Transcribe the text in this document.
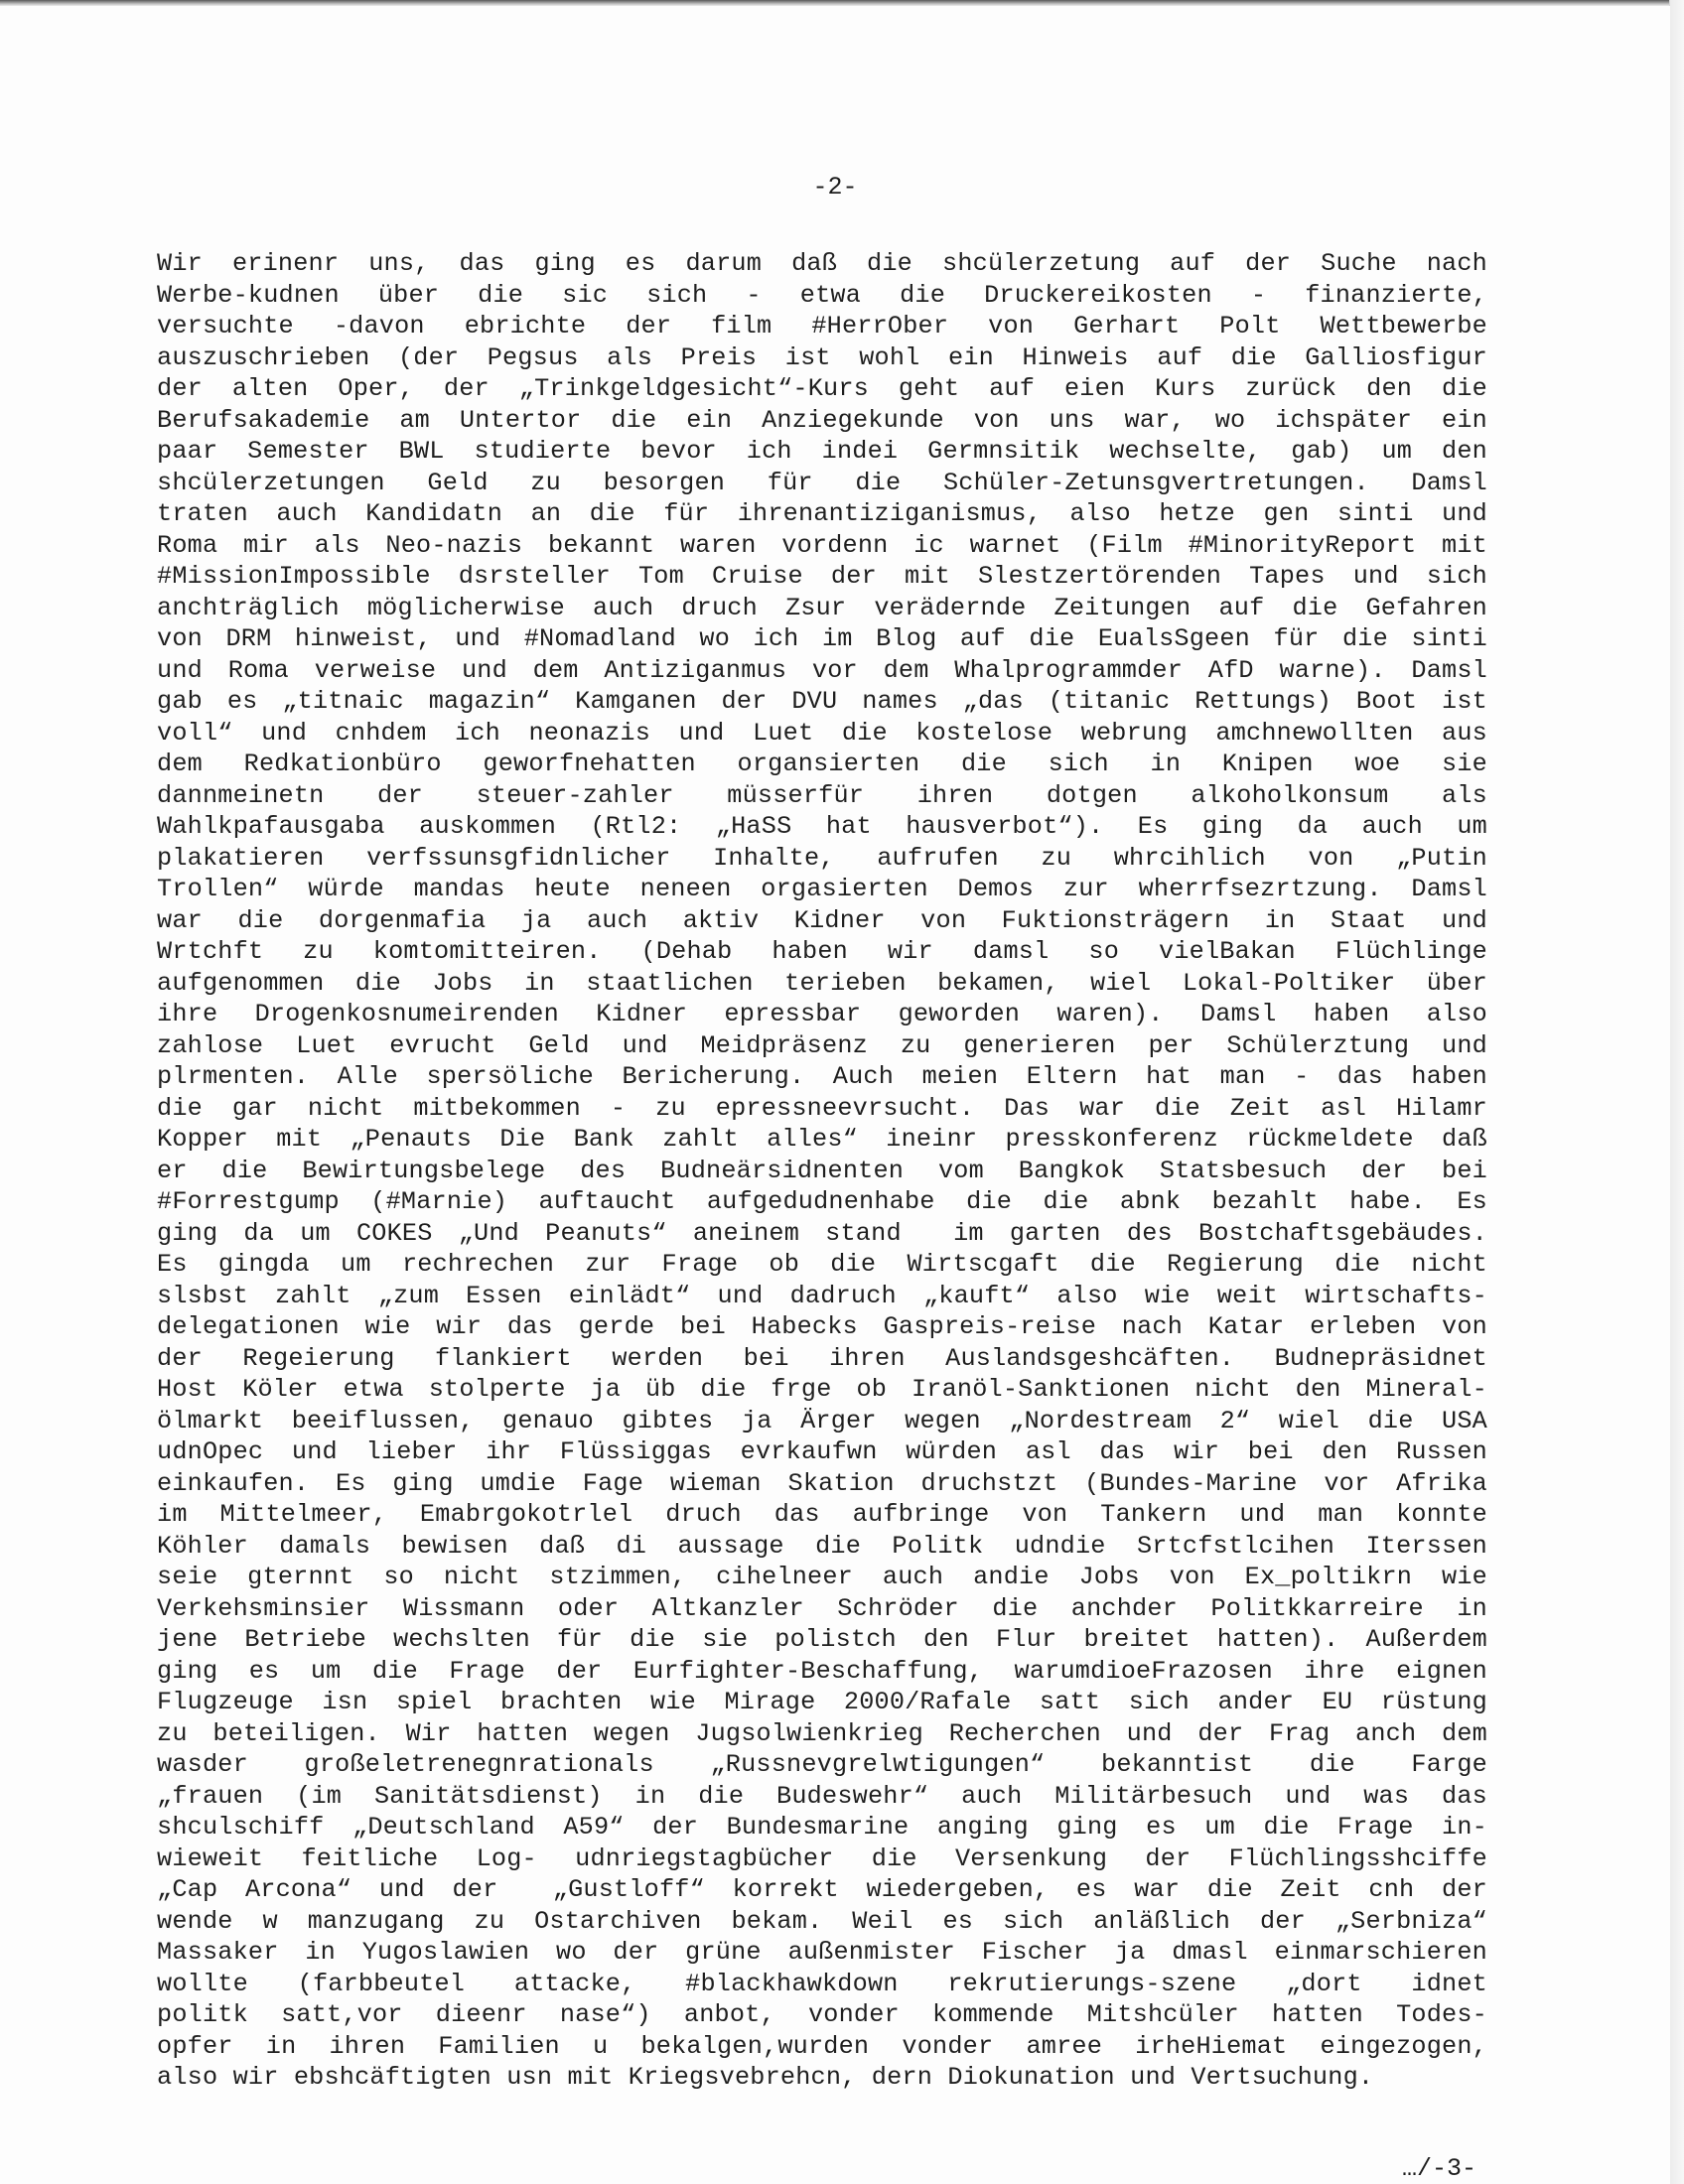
-2-

Wir erinenr uns, das ging es darum daß die shcülerzetung auf der Suche nach
Werbe-kudnen über die sic sich - etwa die Druckereikosten - finanzierte,
versuchte -davon ebrichte der film #HerrOber von Gerhart Polt Wettbewerbe
auszuschrieben (der Pegsus als Preis ist wohl ein Hinweis auf die Galliosfigur
der alten Oper, der „Trinkgeldgesicht“-Kurs geht auf eien Kurs zurück den die
Berufsakademie am Untertor die ein Anziegekunde von uns war, wo ichspäter ein
paar Semester BWL studierte bevor ich indei Germnsitik wechselte, gab) um den
shcülerzetungen Geld zu besorgen für die Schüler-Zetunsgvertretungen. Damsl
traten auch Kandidatn an die für ihrenantiziganismus, also hetze gen sinti und
Roma mir als Neo-nazis bekannt waren vordenn ic warnet (Film #MinorityReport mit
#MissionImpossible dsrsteller Tom Cruise der mit Slestzertörenden Tapes und sich
anchträglich möglicherwise auch druch Zsur verädernde Zeitungen auf die Gefahren
von DRM hinweist, und #Nomadland wo ich im Blog auf die EualsSgeen für die sinti
und Roma verweise und dem Antiziganmus vor dem Whalprogrammder AfD warne). Damsl
gab es „titnaic magazin“ Kamganen der DVU names „das (titanic Rettungs) Boot ist
voll“ und cnhdem ich neonazis und Luet die kostelose webrung amchnewollten aus
dem Redkationbüro geworfnehatten organsierten die sich in Knipen woe sie
dannmeinetn der steuer-zahler müsserfür ihren dotgen alkoholkonsum als
Wahlkpafausgaba auskommen (Rtl2: „HaSS hat hausverbot“). Es ging da auch um
plakatieren verfssunsgfidnlicher Inhalte, aufrufen zu whrcihlich von „Putin
Trollen“ würde mandas heute neneen orgasierten Demos zur wherrfsezrtzung. Damsl
war die dorgenmafia ja auch aktiv Kidner von Fuktionsträgern in Staat und
Wrtchft zu komtomitteiren. (Dehab haben wir damsl so vielBakan Flüchlinge
aufgenommen die Jobs in staatlichen terieben bekamen, wiel Lokal-Poltiker über
ihre Drogenkosnumeirenden Kidner epressbar geworden waren). Damsl haben also
zahlose Luet evrucht Geld und Meidpräsenz zu generieren per Schülerztung und
plrmenten. Alle spersöliche Bericherung. Auch meien Eltern hat man - das haben
die gar nicht mitbekommen - zu epressneevrsucht. Das war die Zeit asl Hilamr
Kopper mit „Penauts Die Bank zahlt alles“ ineinr presskonferenz rückmeldete daß
er die Bewirtungsbelege des Budneärsidnenten vom Bangkok Statsbesuch der bei
#Forrestgump (#Marnie) auftaucht aufgedudnenhabe die die abnk bezahlt habe. Es
ging da um COKES „Und Peanuts“ aneinem stand  im garten des Bostchaftsgebäudes.
Es gingda um rechrechen zur Frage ob die Wirtscgaft die Regierung die nicht
slsbst zahlt „zum Essen einlädt“ und dadruch „kauft“ also wie weit wirtschafts-
delegationen wie wir das gerde bei Habecks Gaspreis-reise nach Katar erleben von
der Regeierung flankiert werden bei ihren Auslandsgeshcäften. Budnepräsidnet
Host Köler etwa stolperte ja üb die frge ob Iranöl-Sanktionen nicht den Mineral-
ölmarkt beeiflussen, genauo gibtes ja Ärger wegen „Nordestream 2“ wiel die USA
udnOpec und lieber ihr Flüssiggas evrkaufwn würden asl das wir bei den Russen
einkaufen. Es ging umdie Fage wieman Skation druchstzt (Bundes-Marine vor Afrika
im Mittelmeer, Emabrgokotrlel druch das aufbringe von Tankern und man konnte
Köhler damals bewisen daß di aussage die Politk udndie Srtcfstlcihen Iterssen
seie gternnt so nicht stzimmen, cihelneer auch andie Jobs von Ex_poltikrn wie
Verkehsminsier Wissmann oder Altkanzler Schröder die anchder Politkkarreire in
jene Betriebe wechslten für die sie polistch den Flur breitet hatten). Außerdem
ging es um die Frage der Eurfighter-Beschaffung, warumdioeFrazosen ihre eignen
Flugzeuge isn spiel brachten wie Mirage 2000/Rafale satt sich ander EU rüstung
zu beteiligen. Wir hatten wegen Jugsolwienkrieg Recherchen und der Frag anch dem
wasder großeletrenegnrationals „Russnevgrelwtigungen“ bekanntist die Farge
„frauen (im Sanitätsdienst) in die Budeswehr“ auch Militärbesuch und was das
shculschiff „Deutschland A59“ der Bundesmarine anging ging es um die Frage in-
wieweit feitliche Log- udnriegstagbücher die Versenkung der Flüchlingsshciffe
„Cap Arcona“ und der  „Gustloff“ korrekt wiedergeben, es war die Zeit cnh der
wende w manzugang zu Ostarchiven bekam. Weil es sich anläßlich der „Serbniza“
Massaker in Yugoslawien wo der grüne außenmister Fischer ja dmasl einmarschieren
wollte (farbbeutel attacke, #blackhawkdown rekrutierungs-szene „dort idnet
politk satt,vor dieenr nase“) anbot, vonder kommende Mitshcüler hatten Todes-
opfer in ihren Familien u bekalgen,wurden vonder amree irheHiemat eingezogen,
also wir ebshcäftigten usn mit Kriegsvebrehcn, dern Diokunation und Vertsuchung.

…/-3-
